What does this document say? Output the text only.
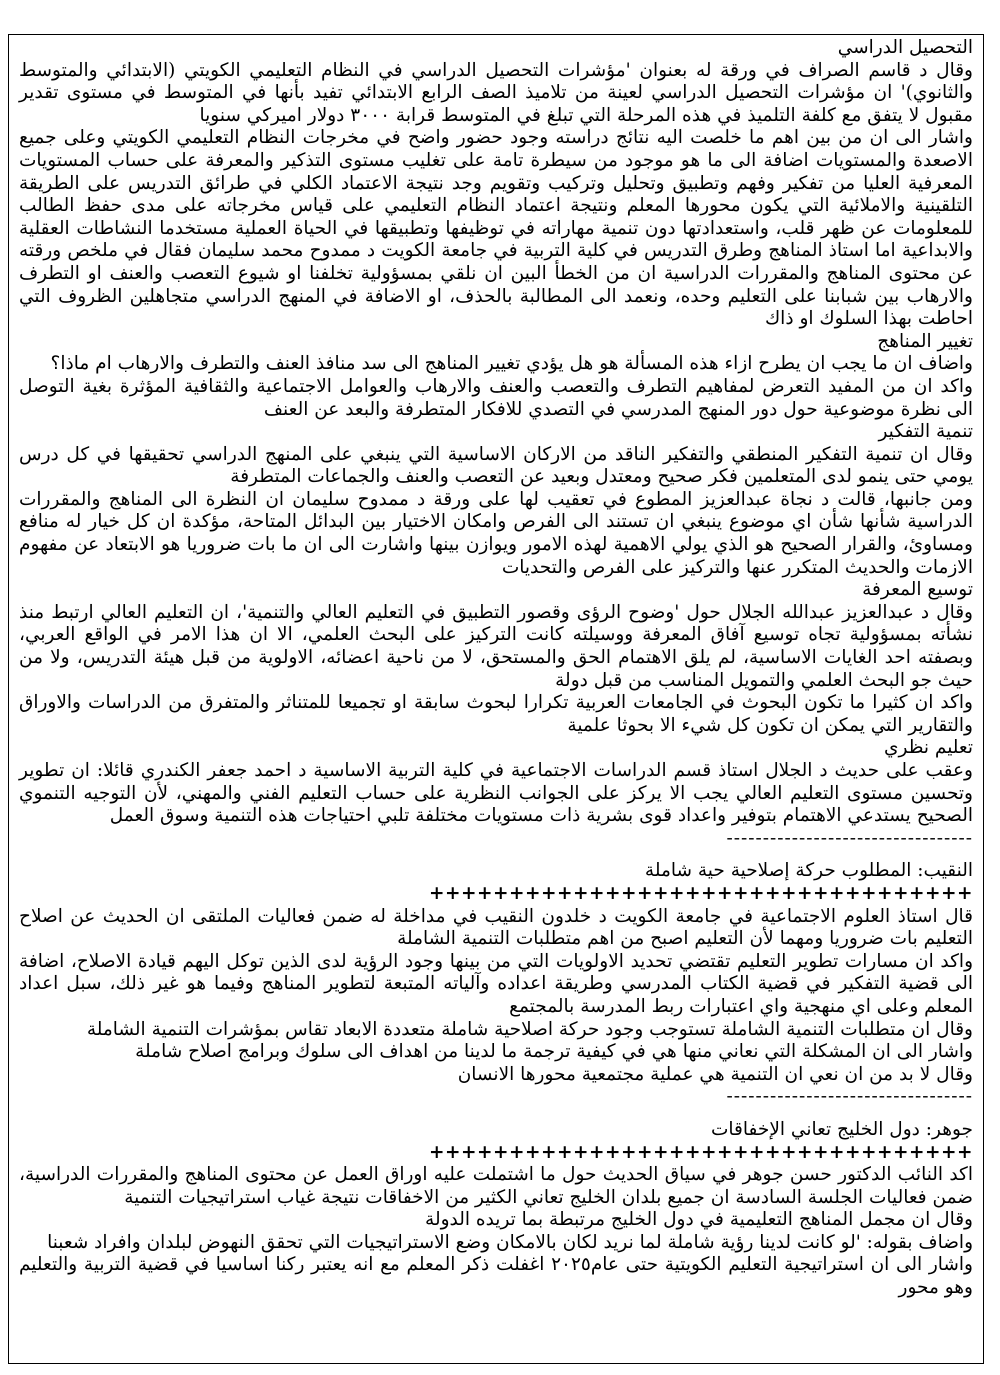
التحصيل الدراسي

وقال د قاسم الصراف في ورقة له بعنوان 'مؤشرات التحصيل الدراسي في النظام التعليمي الكويتي (الابتدائي والمتوسط والثانوي)' ان مؤشرات التحصيل الدراسي لعينة من تلاميذ الصف الرابع الابتدائي تفيد بأنها في المتوسط في مستوى تقدير مقبول لا يتفق مع كلفة التلميذ في هذه المرحلة التي تبلغ في المتوسط قرابة ٣٠٠٠ دولار اميركي سنويا

واشار الى ان من بين اهم ما خلصت اليه نتائج دراسته وجود حضور واضح في مخرجات النظام التعليمي الكويتي وعلى جميع الاصعدة والمستويات اضافة الى ما هو موجود من سيطرة تامة على تغليب مستوى التذكير والمعرفة على حساب المستويات المعرفية العليا من تفكير وفهم وتطبيق وتحليل وتركيب وتقويم وجد نتيجة الاعتماد الكلي في طرائق التدريس على الطريقة التلقينية والاملائية التي يكون محورها المعلم ونتيجة اعتماد النظام التعليمي على قياس مخرجاته على مدى حفظ الطالب للمعلومات عن ظهر قلب، واستعدادتها دون تنمية مهاراته في توظيفها وتطبيقها في الحياة العملية مستخدما النشاطات العقلية والابداعية اما استاذ المناهج وطرق التدريس في كلية التربية في جامعة الكويت د ممدوح محمد سليمان فقال في ملخص ورقته عن محتوى المناهج والمقررات الدراسية ان من الخطأ البين ان نلقي بمسؤولية تخلفنا او شيوع التعصب والعنف او التطرف والارهاب بين شبابنا على التعليم وحده، ونعمد الى المطالبة بالحذف، او الاضافة في المنهج الدراسي متجاهلين الظروف التي احاطت بهذا السلوك او ذاك

تغيير المناهج

واضاف ان ما يجب ان يطرح ازاء هذه المسألة هو هل يؤدي تغيير المناهج الى سد منافذ العنف والتطرف والارهاب ام ماذا؟

واكد ان من المفيد التعرض لمفاهيم التطرف والتعصب والعنف والارهاب والعوامل الاجتماعية والثقافية المؤثرة بغية التوصل الى نظرة موضوعية حول دور المنهج المدرسي في التصدي للافكار المتطرفة والبعد عن العنف

تنمية التفكير

وقال ان تنمية التفكير المنطقي والتفكير الناقد من الاركان الاساسية التي ينبغي على المنهج الدراسي تحقيقها في كل درس يومي حتى ينمو لدى المتعلمين فكر صحيح ومعتدل وبعيد عن التعصب والعنف والجماعات المتطرفة

ومن جانبها، قالت د نجاة عبدالعزيز المطوع في تعقيب لها على ورقة د ممدوح سليمان ان النظرة الى المناهج والمقررات الدراسية شأنها شأن اي موضوع ينبغي ان تستند الى الفرص وامكان الاختيار بين البدائل المتاحة، مؤكدة ان كل خيار له منافع ومساوئ، والقرار الصحيح هو الذي يولي الاهمية لهذه الامور ويوازن بينها واشارت الى ان ما بات ضروريا هو الابتعاد عن مفهوم الازمات والحديث المتكرر عنها والتركيز على الفرص والتحديات

توسيع المعرفة

وقال د عبدالعزيز عبدالله الجلال حول 'وضوح الرؤى وقصور التطبيق في التعليم العالي والتنمية'، ان التعليم العالي ارتبط منذ نشأته بمسؤولية تجاه توسيع آفاق المعرفة ووسيلته كانت التركيز على البحث العلمي، الا ان هذا الامر في الواقع العربي، وبصفته احد الغايات الاساسية، لم يلق الاهتمام الحق والمستحق، لا من ناحية اعضائه، الاولوية من قبل هيئة التدريس، ولا من حيث جو البحث العلمي والتمويل المناسب من قبل دولة

واكد ان كثيرا ما تكون البحوث في الجامعات العربية تكرارا لبحوث سابقة او تجميعا للمتناثر والمتفرق من الدراسات والاوراق والتقارير التي يمكن ان تكون كل شيء الا بحوثا علمية

تعليم نظري

وعقب على حديث د الجلال استاذ قسم الدراسات الاجتماعية في كلية التربية الاساسية د احمد جعفر الكندري قائلا: ان تطوير وتحسين مستوى التعليم العالي يجب الا يركز على الجوانب النظرية على حساب التعليم الفني والمهني، لأن التوجيه التنموي الصحيح يستدعي الاهتمام بتوفير واعداد قوى بشرية ذات مستويات مختلفة تلبي احتياجات هذه التنمية وسوق العمل

----------------------------------

النقيب: المطلوب حركة إصلاحية حية شاملة

++++++++++++++++++++++++++++++++++

قال استاذ العلوم الاجتماعية في جامعة الكويت د خلدون النقيب في مداخلة له ضمن فعاليات الملتقى ان الحديث عن اصلاح التعليم بات ضروريا ومهما لأن التعليم اصبح من اهم متطلبات التنمية الشاملة

واكد ان مسارات تطوير التعليم تقتضي تحديد الاولويات التي من بينها وجود الرؤية لدى الذين توكل اليهم قيادة الاصلاح، اضافة الى قضية التفكير في قضية الكتاب المدرسي وطريقة اعداده وآلياته المتبعة لتطوير المناهج وفيما هو غير ذلك، سبل اعداد المعلم وعلى اي منهجية واي اعتبارات ربط المدرسة بالمجتمع

وقال ان متطلبات التنمية الشاملة تستوجب وجود حركة اصلاحية شاملة متعددة الابعاد تقاس بمؤشرات التنمية الشاملة

واشار الى ان المشكلة التي نعاني منها هي في كيفية ترجمة ما لدينا من اهداف الى سلوك وبرامج اصلاح شاملة

وقال لا بد من ان نعي ان التنمية هي عملية مجتمعية محورها الانسان

----------------------------------

جوهر: دول الخليج تعاني الإخفاقات

++++++++++++++++++++++++++++++++++

اكد النائب الدكتور حسن جوهر في سياق الحديث حول ما اشتملت عليه اوراق العمل عن محتوى المناهج والمقررات الدراسية، ضمن فعاليات الجلسة السادسة ان جميع بلدان الخليج تعاني الكثير من الاخفاقات نتيجة غياب استراتيجيات التنمية

وقال ان مجمل المناهج التعليمية في دول الخليج مرتبطة بما تريده الدولة

واضاف بقوله: 'لو كانت لدينا رؤية شاملة لما نريد لكان بالامكان وضع الاستراتيجيات التي تحقق النهوض لبلدان وافراد شعبنا

واشار الى ان استراتيجية التعليم الكويتية حتى عام٢٠٢٥ اغفلت ذكر المعلم مع انه يعتبر ركنا اساسيا في قضية التربية والتعليم وهو محور
